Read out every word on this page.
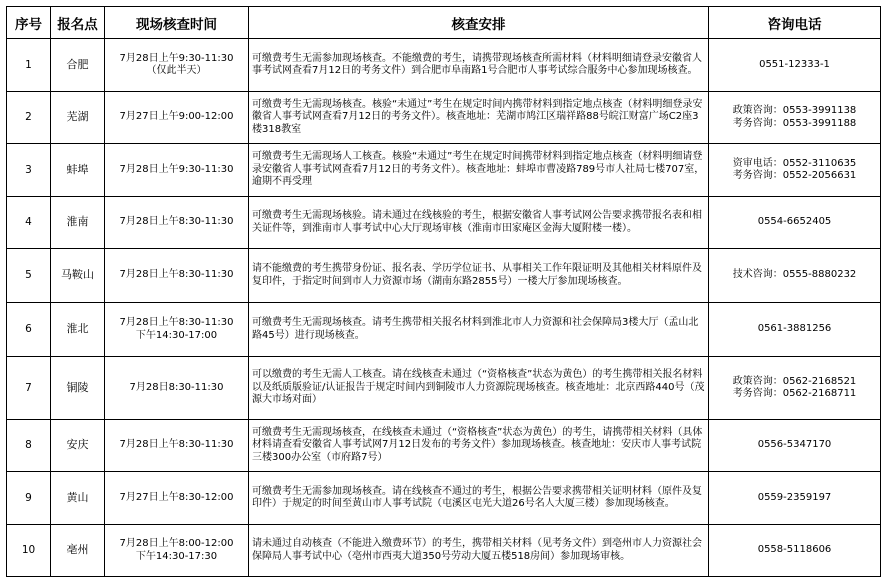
序号	报名点	现场核查时间	核查安排	咨询电话
1	合肥	7月28日上午9:30-11:30
（仅此半天）	可缴费考生无需参加现场核查。不能缴费的考生，请携带现场核查所需材料（材料明细请登录安徽省人事考试网查看7月12日的考务文件）到合肥市阜南路1号合肥市人事考试综合服务中心参加现场核查。	0551-12333-1

2	芜湖	7月27日上午9:00-12:00	可缴费考生无需现场核查。核验“未通过”考生在规定时间内携带材料到指定地点核查（材料明细登录安徽省人事考试网查看7月12日的考务文件）。核查地址：芜湖市鸠江区瑞祥路88号皖江财富广场C2座3楼318教室	政策咨询：0553-3991138
考务咨询：0553-3991188

3	蚌埠	7月28日上午9:30-11:30	可缴费考生无需现场人工核查。核验“未通过”考生在规定时间携带材料到指定地点核查（材料明细请登录安徽省人事考试网查看7月12日的考务文件）。核查地址：蚌埠市曹凌路789号市人社局七楼707室，逾期不再受理	资审电话：0552-3110635
考务咨询：0552-2056631

4	淮南	7月28日上午8:30-11:30	可缴费考生无需现场核验。请未通过在线核验的考生，根据安徽省人事考试网公告要求携带报名表和相关证件等，到淮南市人事考试中心大厅现场审核（淮南市田家庵区金海大厦附楼一楼）。	0554-6652405

5	马鞍山	7月28日上午8:30-11:30	请不能缴费的考生携带身份证、报名表、学历学位证书、从事相关工作年限证明及其他相关材料原件及复印件，于指定时间到市人力资源市场（湖南东路2855号）一楼大厅参加现场核查。	技术咨询：0555-8880232

6	淮北	7月28日上午8:30-11:30
下午14:30-17:00	可缴费考生无需现场核查。请考生携带相关报名材料到淮北市人力资源和社会保障局3楼大厅（孟山北路45号）进行现场核查。	0561-3881256

7	铜陵	7月28日8:30-11:30	可以缴费的考生无需人工核查。请在线核查未通过（“资格核查”状态为黄色）的考生携带相关报名材料以及纸质版验证/认证报告于规定时间内到铜陵市人力资源院现场核查。核查地址：北京西路440号（茂源大市场对面）	政策咨询：0562-2168521
考务咨询：0562-2168711

8	安庆	7月28日上午8:30-11:30	可缴费考生无需现场核查，在线核查未通过（“资格核查”状态为黄色）的考生，请携带相关材料（具体材料请查看安徽省人事考试网7月12日发布的考务文件）参加现场核查。核查地址：安庆市人事考试院三楼300办公室（市府路7号）	0556-5347170

9	黄山	7月27日上午8:30-12:00	可缴费考生无需参加现场核查。请在线核查不通过的考生，根据公告要求携带相关证明材料（原件及复印件）于规定的时间至黄山市人事考试院（屯溪区屯光大道26号名人大厦三楼）参加现场核查。	0559-2359197

10	亳州	7月28日上午8:00-12:00
下午14:30-17:30	请未通过自动核查（不能进入缴费环节）的考生，携带相关材料（见考务文件）到亳州市人力资源社会保障局人事考试中心（亳州市西夷大道350号劳动大厦五楼518房间）参加现场审核。	0558-5118606
